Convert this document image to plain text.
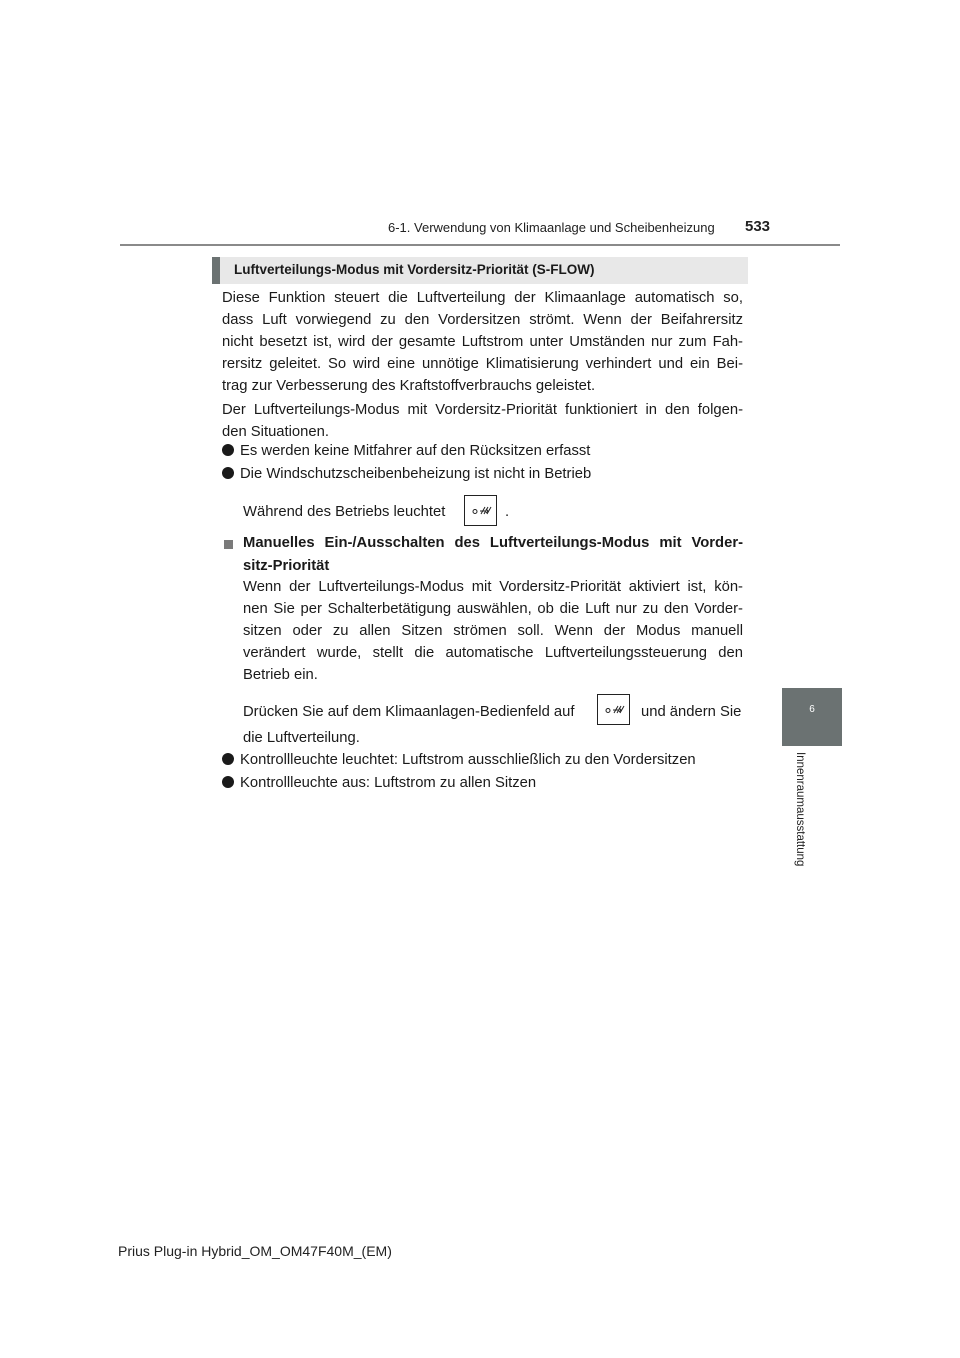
6-1. Verwendung von Klimaanlage und Scheibenheizung 533
6
Innenraumausstattung
Luftverteilungs-Modus mit Vordersitz-Priorität (S-FLOW)
Diese Funktion steuert die Luftverteilung der Klimaanlage automatisch so,
dass Luft vorwiegend zu den Vordersitzen strömt. Wenn der Beifahrersitz
nicht besetzt ist, wird der gesamte Luftstrom unter Umständen nur zum Fah-
rersitz geleitet. So wird eine unnötige Klimatisierung verhindert und ein Bei-
trag zur Verbesserung des Kraftstoffverbrauchs geleistet.
Der Luftverteilungs-Modus mit Vordersitz-Priorität funktioniert in den folgen-
den Situationen.
Es werden keine Mitfahrer auf den Rücksitzen erfasst
Die Windschutzscheibenbeheizung ist nicht in Betrieb
Während des Betriebs leuchtet	.
Manuelles Ein-/Ausschalten des Luftverteilungs-Modus mit Vorder-
sitz-Priorität
Wenn der Luftverteilungs-Modus mit Vordersitz-Priorität aktiviert ist, kön-
nen Sie per Schalterbetätigung auswählen, ob die Luft nur zu den Vorder-
sitzen oder zu allen Sitzen strömen soll. Wenn der Modus manuell
verändert wurde, stellt die automatische Luftverteilungssteuerung den
Betrieb ein.
Drücken Sie auf dem Klimaanlagen-Bedienfeld auf	und ändern Sie
die Luftverteilung.
Kontrollleuchte leuchtet: Luftstrom ausschließlich zu den Vordersitzen
Kontrollleuchte aus: Luftstrom zu allen Sitzen
Prius Plug-in Hybrid_OM_OM47F40M_(EM)
